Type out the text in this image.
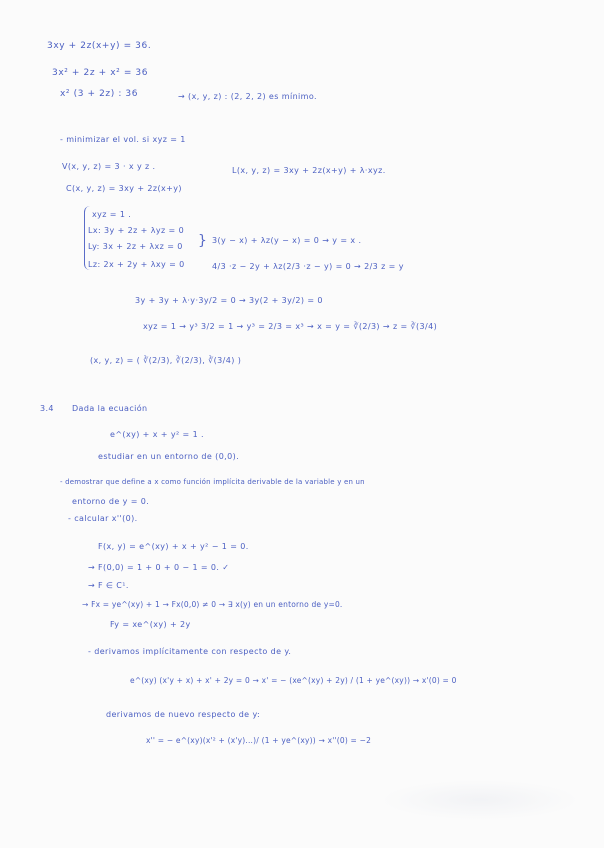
3xy + 2z(x+y) = 36.
3x² + 2z + x² = 36
x² (3 + 2z) : 36	→ (x, y, z) : (2, 2, 2) es mínimo.
- minimizar el vol. si xyz = 1
V(x, y, z) = 3 · x y z .	L(x, y, z) = 3xy + 2z(x+y) + λ·xyz.
C(x, y, z) = 3xy + 2z(x+y)
xyz = 1 .
Lx: 3y + 2z + λyz = 0
Ly: 3x + 2z + λxz = 0
Lz: 2x + 2y + λxy = 0
} 3(y − x) + λz(y − x) = 0 → y = x .
4/3 ·z − 2y + λz(2/3 ·z − y) = 0 → 2/3 z = y
3y + 3y + λ·y·3y/2 = 0 → 3y(2 + 3y/2) = 0
xyz = 1 → y³ 3/2 = 1 → y³ = 2/3 = x³ → x = y = ∛(2/3) → z = ∛(3/4)
(x, y, z) = ( ∛(2/3), ∛(2/3), ∛(3/4) )
3.4 Dada la ecuación
e^(xy) + x + y² = 1 .
estudiar en un entorno de (0,0).
- demostrar que define a x como función implícita derivable de la variable y en un
entorno de y = 0.
- calcular x''(0).
F(x, y) = e^(xy) + x + y² − 1 = 0.
→ F(0,0) = 1 + 0 + 0 − 1 = 0. ✓
→ F ∈ C¹.
→ Fx = ye^(xy) + 1 → Fx(0,0) ≠ 0 → ∃ x(y) en un entorno de y=0.
Fy = xe^(xy) + 2y
- derivamos implícitamente con respecto de y.
e^(xy) (x'y + x) + x' + 2y = 0 → x' = − (xe^(xy) + 2y) / (1 + ye^(xy)) → x'(0) = 0
derivamos de nuevo respecto de y:
x'' = − e^(xy)(x'² + (x'y)...)/ (1 + ye^(xy)) → x''(0) = −2
